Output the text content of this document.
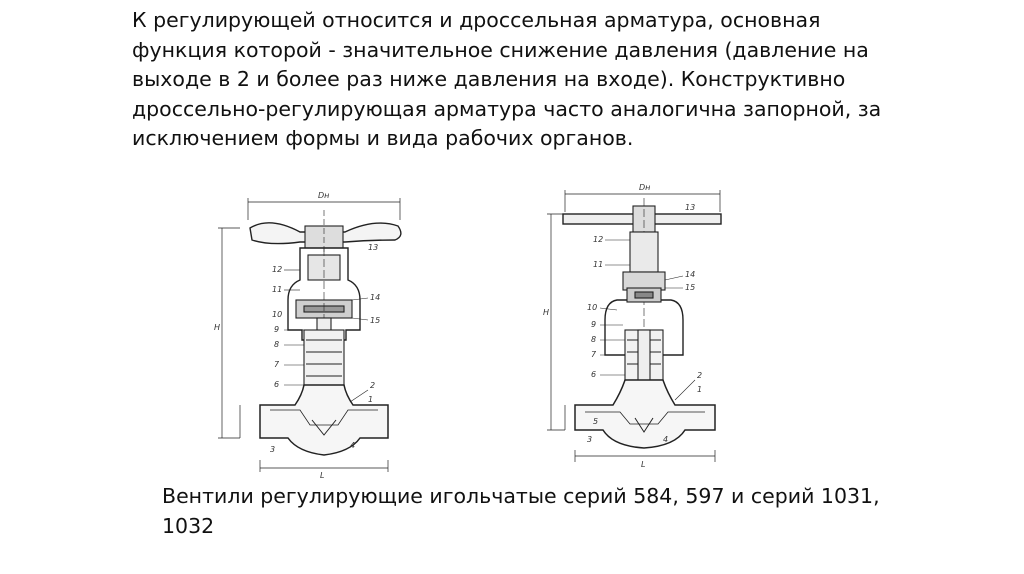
К регулирующей относится и дроссельная арматура, основная функция которой - значительное снижение давления (давление на выходе в 2 и более раз ниже давления на входе). Конструктивно дроссельно-регулирующая арматура часто аналогична запорной, за исключением формы и вида рабочих органов.

Dн
H
L
13
12
11
14
15
10
9
8
7
6	2
1
3	4
Dн
H
L
13
12
11
14
15
10
9
8
7
6	2
1
3	4
5

Вентили регулирующие игольчатые серий 584, 597 и серий 1031, 1032
